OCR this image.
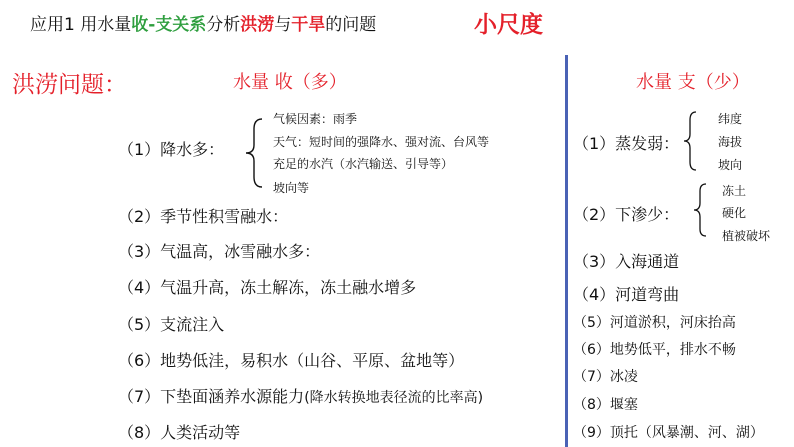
应用1 用水量收-支关系分析洪涝与干旱的问题	小尺度
洪涝问题：	水量 收（多）
（1）降水多：
气候因素：雨季
天气：短时间的强降水、强对流、台风等
充足的水汽（水汽输送、引导等）
坡向等
（2）季节性积雪融水：
（3）气温高，冰雪融水多：
（4）气温升高，冻土解冻，冻土融水增多
（5）支流注入
（6）地势低洼，易积水（山谷、平原、盆地等）
（7）下垫面涵养水源能力(降水转换地表径流的比率高)
（8）人类活动等
水量 支（少）
（1）蒸发弱：
纬度
海拔
坡向
（2）下渗少：
冻土
硬化
植被破坏
（3）入海通道
（4）河道弯曲
（5）河道淤积，河床抬高
（6）地势低平，排水不畅
（7）冰凌
（8）堰塞
（9）顶托（风暴潮、河、湖）
